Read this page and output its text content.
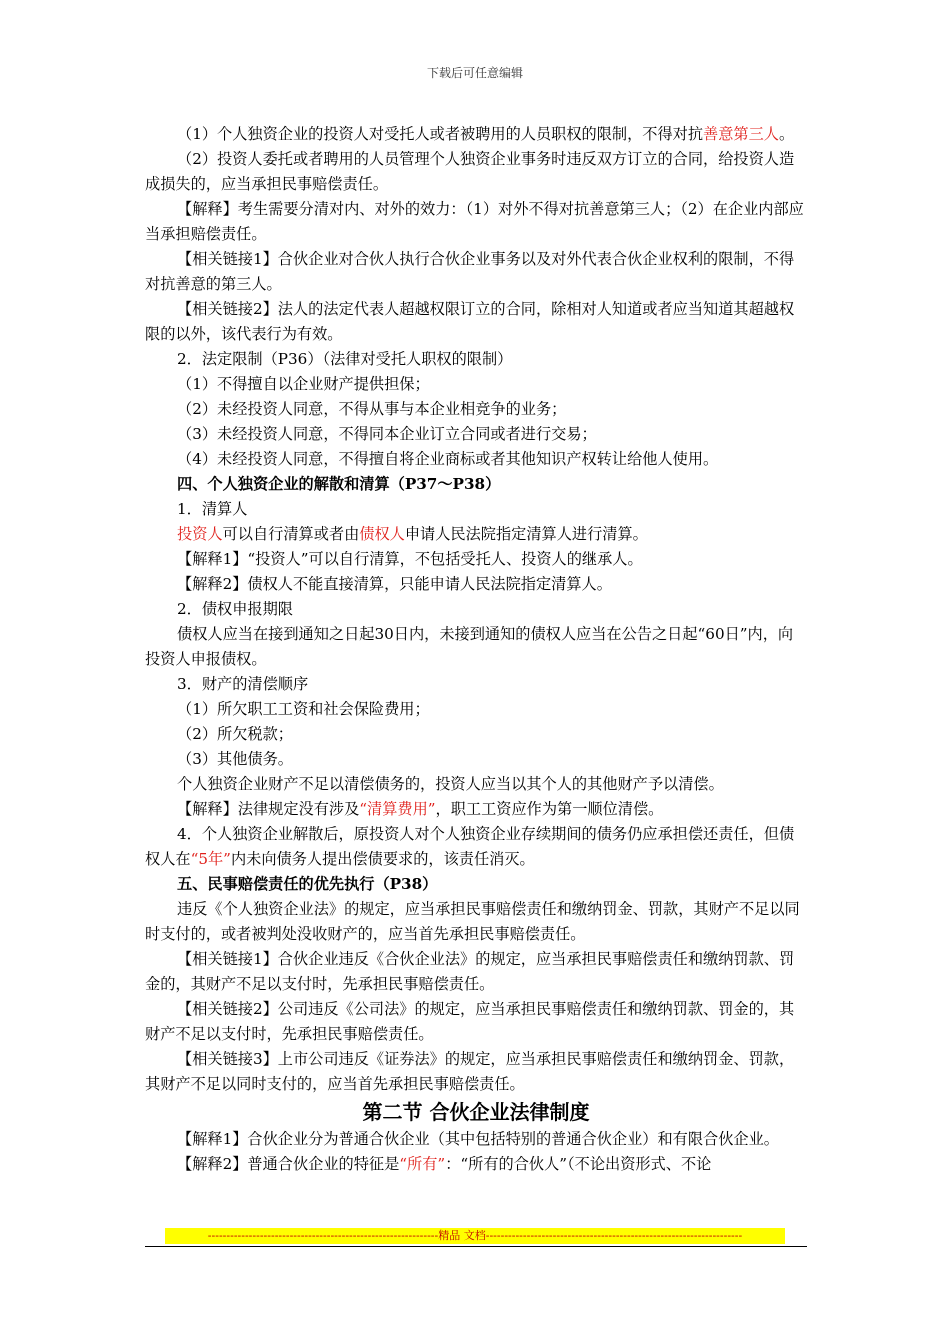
下载后可任意编辑

（1）个人独资企业的投资人对受托人或者被聘用的人员职权的限制，不得对抗善意第三人。

（2）投资人委托或者聘用的人员管理个人独资企业事务时违反双方订立的合同，给投资人造成损失的，应当承担民事赔偿责任。

【解释】考生需要分清对内、对外的效力：（1）对外不得对抗善意第三人；（2）在企业内部应当承担赔偿责任。

【相关链接1】合伙企业对合伙人执行合伙企业事务以及对外代表合伙企业权利的限制，不得对抗善意的第三人。

【相关链接2】法人的法定代表人超越权限订立的合同，除相对人知道或者应当知道其超越权限的以外，该代表行为有效。

2．法定限制（P36）（法律对受托人职权的限制）

（1）不得擅自以企业财产提供担保；

（2）未经投资人同意，不得从事与本企业相竞争的业务；

（3）未经投资人同意，不得同本企业订立合同或者进行交易；

（4）未经投资人同意，不得擅自将企业商标或者其他知识产权转让给他人使用。

四、个人独资企业的解散和清算（P37～P38）

1．清算人

投资人可以自行清算或者由债权人申请人民法院指定清算人进行清算。

【解释1】“投资人”可以自行清算，不包括受托人、投资人的继承人。

【解释2】债权人不能直接清算，只能申请人民法院指定清算人。

2．债权申报期限

债权人应当在接到通知之日起30日内，未接到通知的债权人应当在公告之日起“60日”内，向投资人申报债权。

3．财产的清偿顺序

（1）所欠职工工资和社会保险费用；

（2）所欠税款；

（3）其他债务。

个人独资企业财产不足以清偿债务的，投资人应当以其个人的其他财产予以清偿。

【解释】法律规定没有涉及“清算费用”，职工工资应作为第一顺位清偿。

4．个人独资企业解散后，原投资人对个人独资企业存续期间的债务仍应承担偿还责任，但债权人在“5年”内未向债务人提出偿债要求的，该责任消灭。

五、民事赔偿责任的优先执行（P38）

违反《个人独资企业法》的规定，应当承担民事赔偿责任和缴纳罚金、罚款，其财产不足以同时支付的，或者被判处没收财产的，应当首先承担民事赔偿责任。

【相关链接1】合伙企业违反《合伙企业法》的规定，应当承担民事赔偿责任和缴纳罚款、罚金的，其财产不足以支付时，先承担民事赔偿责任。

【相关链接2】公司违反《公司法》的规定，应当承担民事赔偿责任和缴纳罚款、罚金的，其财产不足以支付时，先承担民事赔偿责任。

【相关链接3】上市公司违反《证券法》的规定，应当承担民事赔偿责任和缴纳罚金、罚款，其财产不足以同时支付的，应当首先承担民事赔偿责任。

第二节 合伙企业法律制度

【解释1】合伙企业分为普通合伙企业（其中包括特别的普通合伙企业）和有限合伙企业。

【解释2】普通合伙企业的特征是“所有”：“所有的合伙人”（不论出资形式、不论

--------------------------------------------------------------精品 文档---------------------------------------------------------------------
